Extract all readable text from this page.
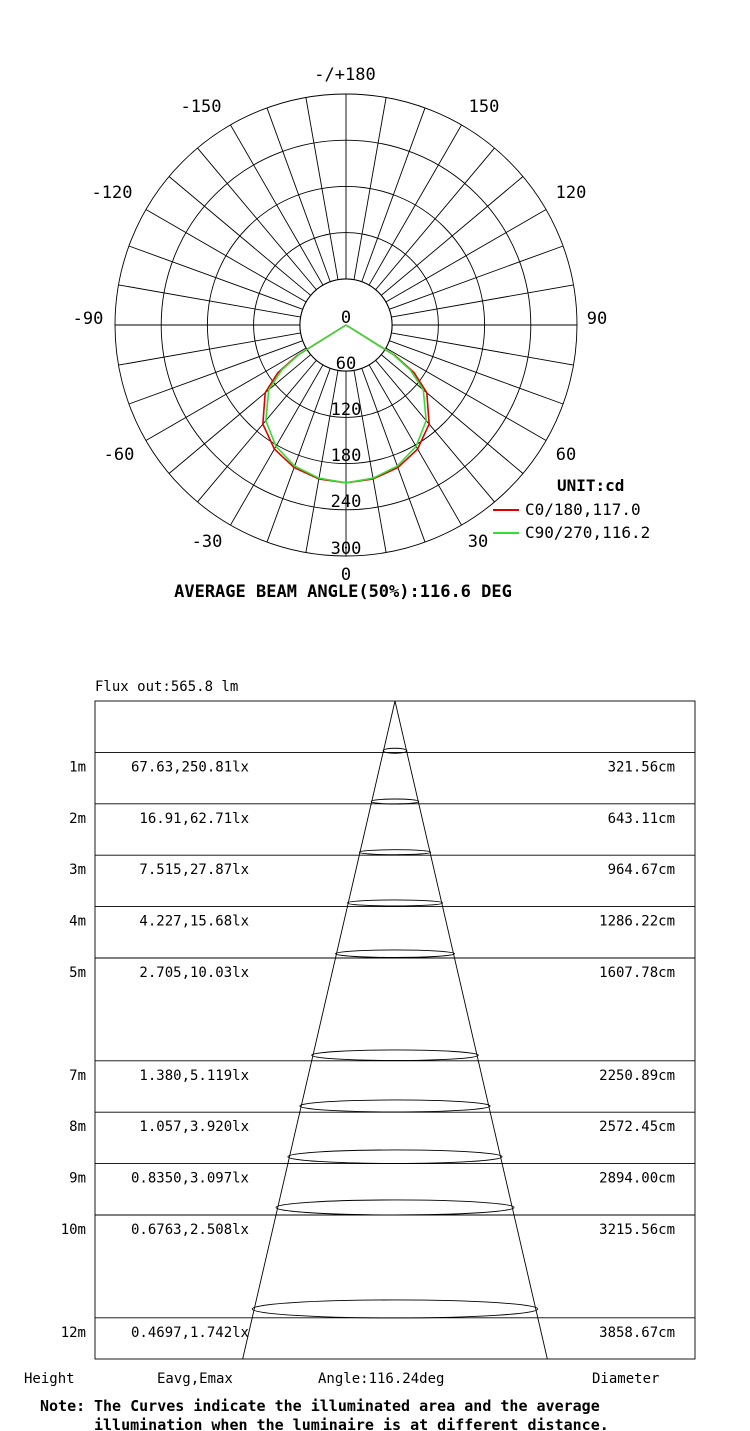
-/+180
0
-150
-120
-90
-60
-30
150
120
90
60
30
0
60
120
180
240
300
UNIT:cd
C0/180,117.0
C90/270,116.2
AVERAGE BEAM ANGLE(50%):116.6 DEG
Flux out:565.8 lm
1m	67.63,250.81lx	321.56cm
2m	16.91,62.71lx	643.11cm
3m	7.515,27.87lx	964.67cm
4m	4.227,15.68lx	1286.22cm
5m	2.705,10.03lx	1607.78cm
7m	1.380,5.119lx	2250.89cm
8m	1.057,3.920lx	2572.45cm
9m	0.8350,3.097lx	2894.00cm
10m	0.6763,2.508lx	3215.56cm
12m	0.4697,1.742lx	3858.67cm
Height	Eavg,Emax	Angle:116.24deg	Diameter
Note: The Curves indicate the illuminated area and the average
illumination when the luminaire is at different distance.
